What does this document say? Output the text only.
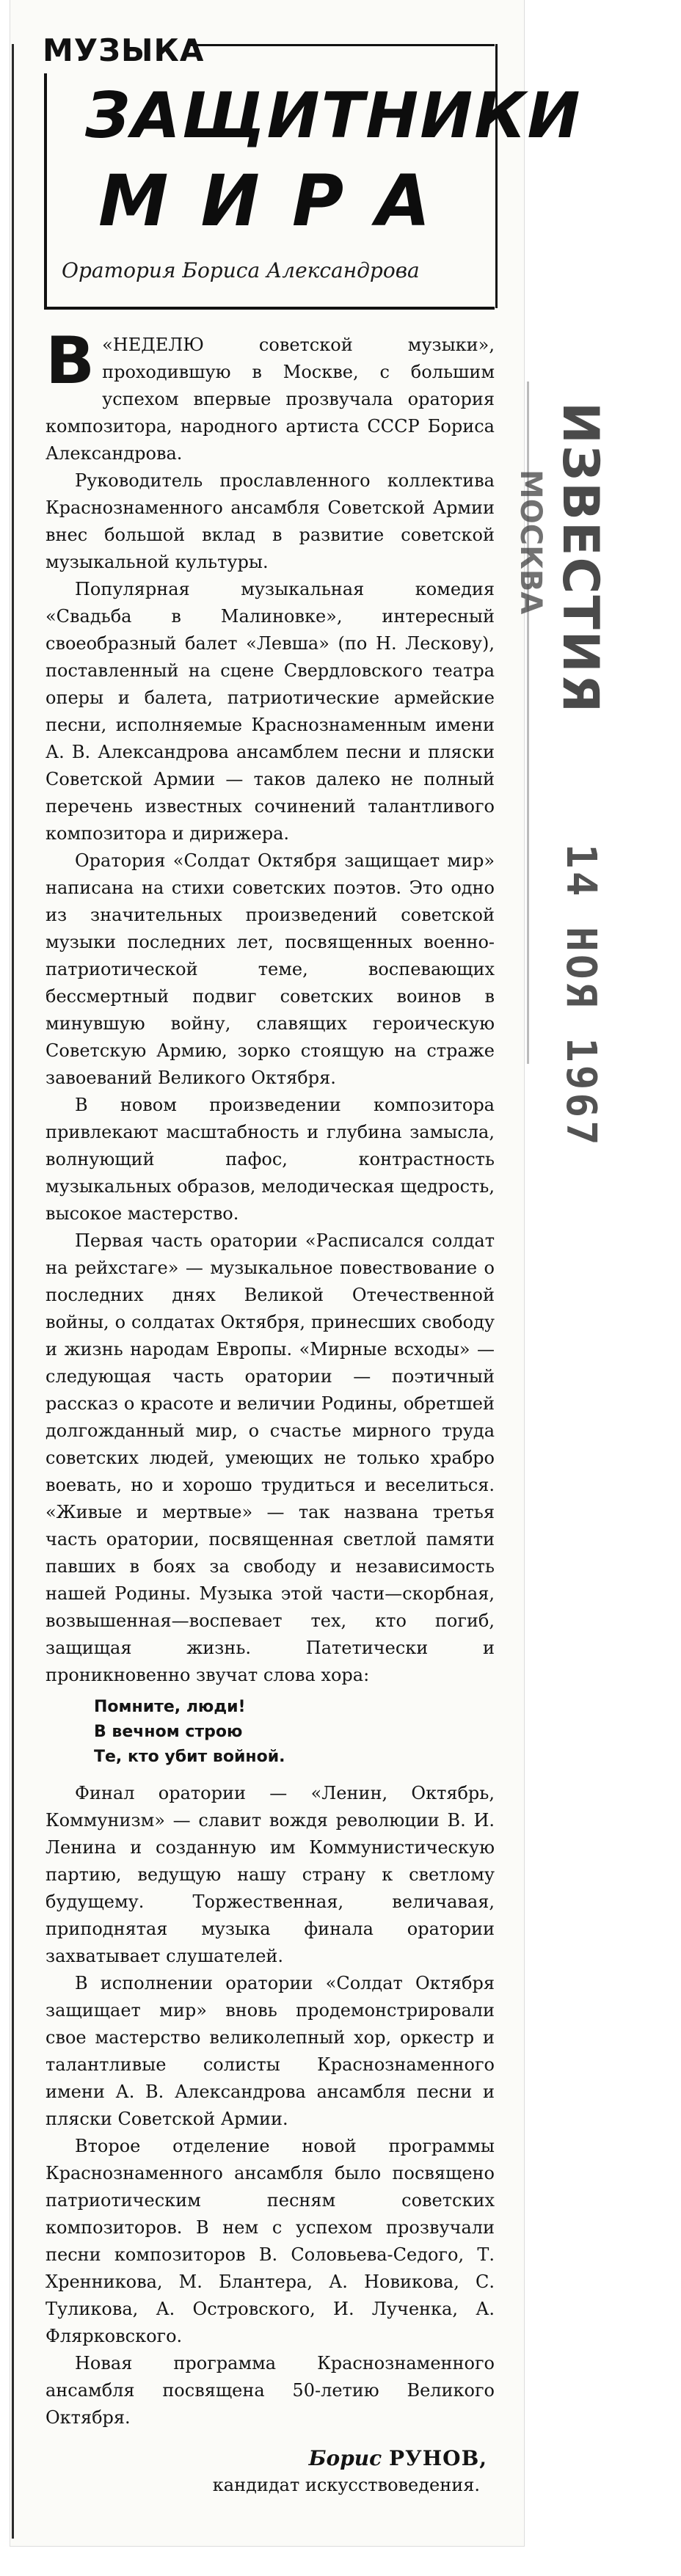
МУЗЫКА
ЗАЩИТНИКИ
МИРА
Оратория Бориса Александрова
ИЗВЕСТИЯ
МОСКВА
14 НОЯ 1967

В«НЕДЕЛЮ советской музыки», проходившую в Москве, с большим успехом впервые прозвучала оратория композитора, народного артиста СССР Бориса Александрова.

Руководитель прославленного коллектива Краснознаменного ансамбля Советской Армии внес большой вклад в развитие советской музыкальной культуры.

Популярная музыкальная комедия «Свадьба в Малиновке», интересный своеобразный балет «Левша» (по Н. Лескову), поставленный на сцене Свердловского театра оперы и балета, патриотические армейские песни, исполняемые Краснознаменным имени А. В. Александрова ансамблем песни и пляски Советской Армии — таков далеко не полный перечень известных сочинений талантливого композитора и дирижера.

Оратория «Солдат Октября защищает мир» написана на стихи советских поэтов. Это одно из значительных произведений советской музыки последних лет, посвященных военно-патриотической теме, воспевающих бессмертный подвиг советских воинов в минувшую войну, славящих героическую Советскую Армию, зорко стоящую на страже завоеваний Великого Октября.

В новом произведении композитора привлекают масштабность и глубина замысла, волнующий пафос, контрастность музыкальных образов, мелодическая щедрость, высокое мастерство.

Первая часть оратории «Расписался солдат на рейхстаге» — музыкальное повествование о последних днях Великой Отечественной войны, о солдатах Октября, принесших свободу и жизнь народам Европы. «Мирные всходы» — следующая часть оратории — поэтичный рассказ о красоте и величии Родины, обретшей долгожданный мир, о счастье мирного труда советских людей, умеющих не только храбро воевать, но и хорошо трудиться и веселиться. «Живые и мертвые» — так названа третья часть оратории, посвященная светлой памяти павших в боях за свободу и независимость нашей Родины. Музыка этой части—скорбная, возвышенная—воспевает тех, кто погиб, защищая жизнь. Патетически и проникновенно звучат слова хора:

Помните, люди!
В вечном строю
Те, кто убит войной.

Финал оратории — «Ленин, Октябрь, Коммунизм» — славит вождя революции В. И. Ленина и созданную им Коммунистическую партию, ведущую нашу страну к светлому будущему. Торжественная, величавая, приподнятая музыка финала оратории захватывает слушателей.

В исполнении оратории «Солдат Октября защищает мир» вновь продемонстрировали свое мастерство великолепный хор, оркестр и талантливые солисты Краснознаменного имени А. В. Александрова ансамбля песни и пляски Советской Армии.

Второе отделение новой программы Краснознаменного ансамбля было посвящено патриотическим песням советских композиторов. В нем с успехом прозвучали песни композиторов В. Соловьева-Седого, Т. Хренникова, М. Блантера, А. Новикова, С. Туликова, А. Островского, И. Лученка, А. Флярковского.

Новая программа Краснознаменного ансамбля посвящена 50-летию Великого Октября.

Борис РУНОВ,
кандидат искусствоведения.
